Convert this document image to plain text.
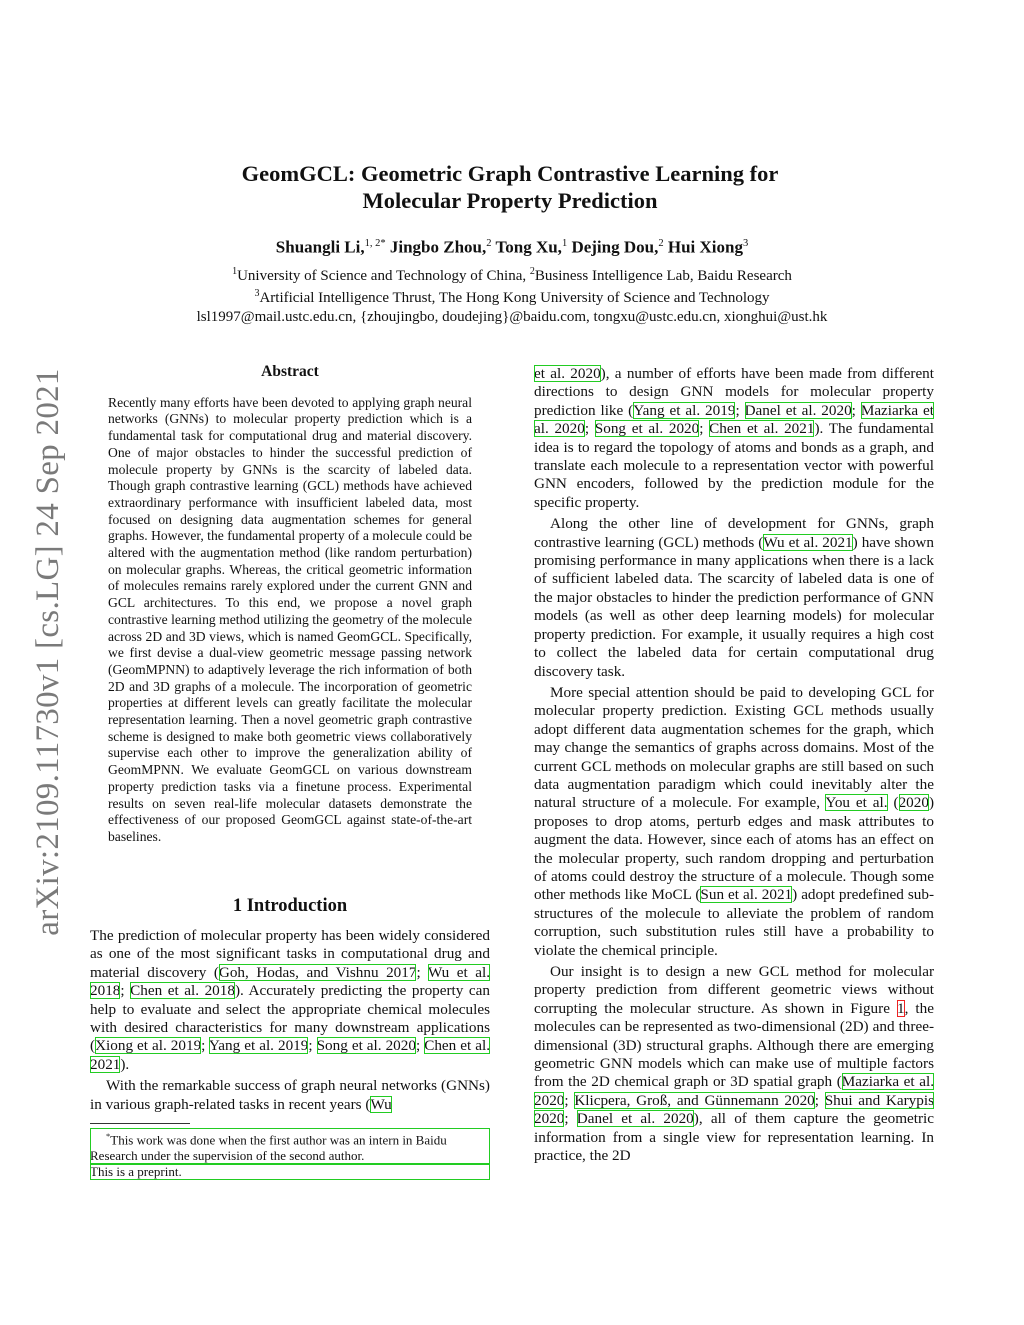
arXiv:2109.11730v1 [cs.LG] 24 Sep 2021
GeomGCL: Geometric Graph Contrastive Learning for
Molecular Property Prediction
Shuangli Li,$^{1, 2*}$ Jingbo Zhou,$^2$ Tong Xu,$^1$ Dejing Dou,$^2$ Hui Xiong$^3$
$^1$University of Science and Technology of China, $^2$Business Intelligence Lab, Baidu Research
$^3$Artificial Intelligence Thrust, The Hong Kong University of Science and Technology
lsl1997@mail.ustc.edu.cn, {zhoujingbo, doudejing}@baidu.com, tongxu@ustc.edu.cn, xionghui@ust.hk
Abstract

Recently many efforts have been devoted to applying graph neural networks (GNNs) to molecular property prediction which is a fundamental task for computational drug and material discovery. One of major obstacles to hinder the successful prediction of molecule property by GNNs is the scarcity of labeled data. Though graph contrastive learning (GCL) methods have achieved extraordinary performance with insufficient labeled data, most focused on designing data augmentation schemes for general graphs. However, the fundamental property of a molecule could be altered with the augmentation method (like random perturbation) on molecular graphs. Whereas, the critical geometric information of molecules remains rarely explored under the current GNN and GCL architectures. To this end, we propose a novel graph contrastive learning method utilizing the geometry of the molecule across 2D and 3D views, which is named GeomGCL. Specifically, we first devise a dual-view geometric message passing network (GeomMPNN) to adaptively leverage the rich information of both 2D and 3D graphs of a molecule. The incorporation of geometric properties at different levels can greatly facilitate the molecular representation learning. Then a novel geometric graph contrastive scheme is designed to make both geometric views collaboratively supervise each other to improve the generalization ability of GeomMPNN. We evaluate GeomGCL on various downstream property prediction tasks via a finetune process. Experimental results on seven real-life molecular datasets demonstrate the effectiveness of our proposed GeomGCL against state-of-the-art baselines.

1 Introduction

The prediction of molecular property has been widely considered as one of the most significant tasks in computational drug and material discovery (Goh, Hodas, and Vishnu 2017; Wu et al. 2018; Chen et al. 2018). Accurately predicting the property can help to evaluate and select the appropriate chemical molecules with desired characteristics for many downstream applications (Xiong et al. 2019; Yang et al. 2019; Song et al. 2020; Chen et al. 2021).

With the remarkable success of graph neural networks (GNNs) in various graph-related tasks in recent years (Wu

*This work was done when the first author was an intern in Baidu Research under the supervision of the second author.

This is a preprint.

et al. 2020), a number of efforts have been made from different directions to design GNN models for molecular property prediction like (Yang et al. 2019; Danel et al. 2020; Maziarka et al. 2020; Song et al. 2020; Chen et al. 2021). The fundamental idea is to regard the topology of atoms and bonds as a graph, and translate each molecule to a representation vector with powerful GNN encoders, followed by the prediction module for the specific property.

Along the other line of development for GNNs, graph contrastive learning (GCL) methods (Wu et al. 2021) have shown promising performance in many applications when there is a lack of sufficient labeled data. The scarcity of labeled data is one of the major obstacles to hinder the prediction performance of GNN models (as well as other deep learning models) for molecular property prediction. For example, it usually requires a high cost to collect the labeled data for certain computational drug discovery task.

More special attention should be paid to developing GCL for molecular property prediction. Existing GCL methods usually adopt different data augmentation schemes for the graph, which may change the semantics of graphs across domains. Most of the current GCL methods on molecular graphs are still based on such data augmentation paradigm which could inevitably alter the natural structure of a molecule. For example, You et al. (2020) proposes to drop atoms, perturb edges and mask attributes to augment the data. However, since each of atoms has an effect on the molecular property, such random dropping and perturbation of atoms could destroy the structure of a molecule. Though some other methods like MoCL (Sun et al. 2021) adopt predefined sub-structures of the molecule to alleviate the problem of random corruption, such substitution rules still have a probability to violate the chemical principle.

Our insight is to design a new GCL method for molecular property prediction from different geometric views without corrupting the molecular structure. As shown in Figure 1, the molecules can be represented as two-dimensional (2D) and three-dimensional (3D) structural graphs. Although there are emerging geometric GNN models which can make use of multiple factors from the 2D chemical graph or 3D spatial graph (Maziarka et al. 2020; Klicpera, Groß, and Günnemann 2020; Shui and Karypis 2020; Danel et al. 2020), all of them capture the geometric information from a single view for representation learning. In practice, the 2D
